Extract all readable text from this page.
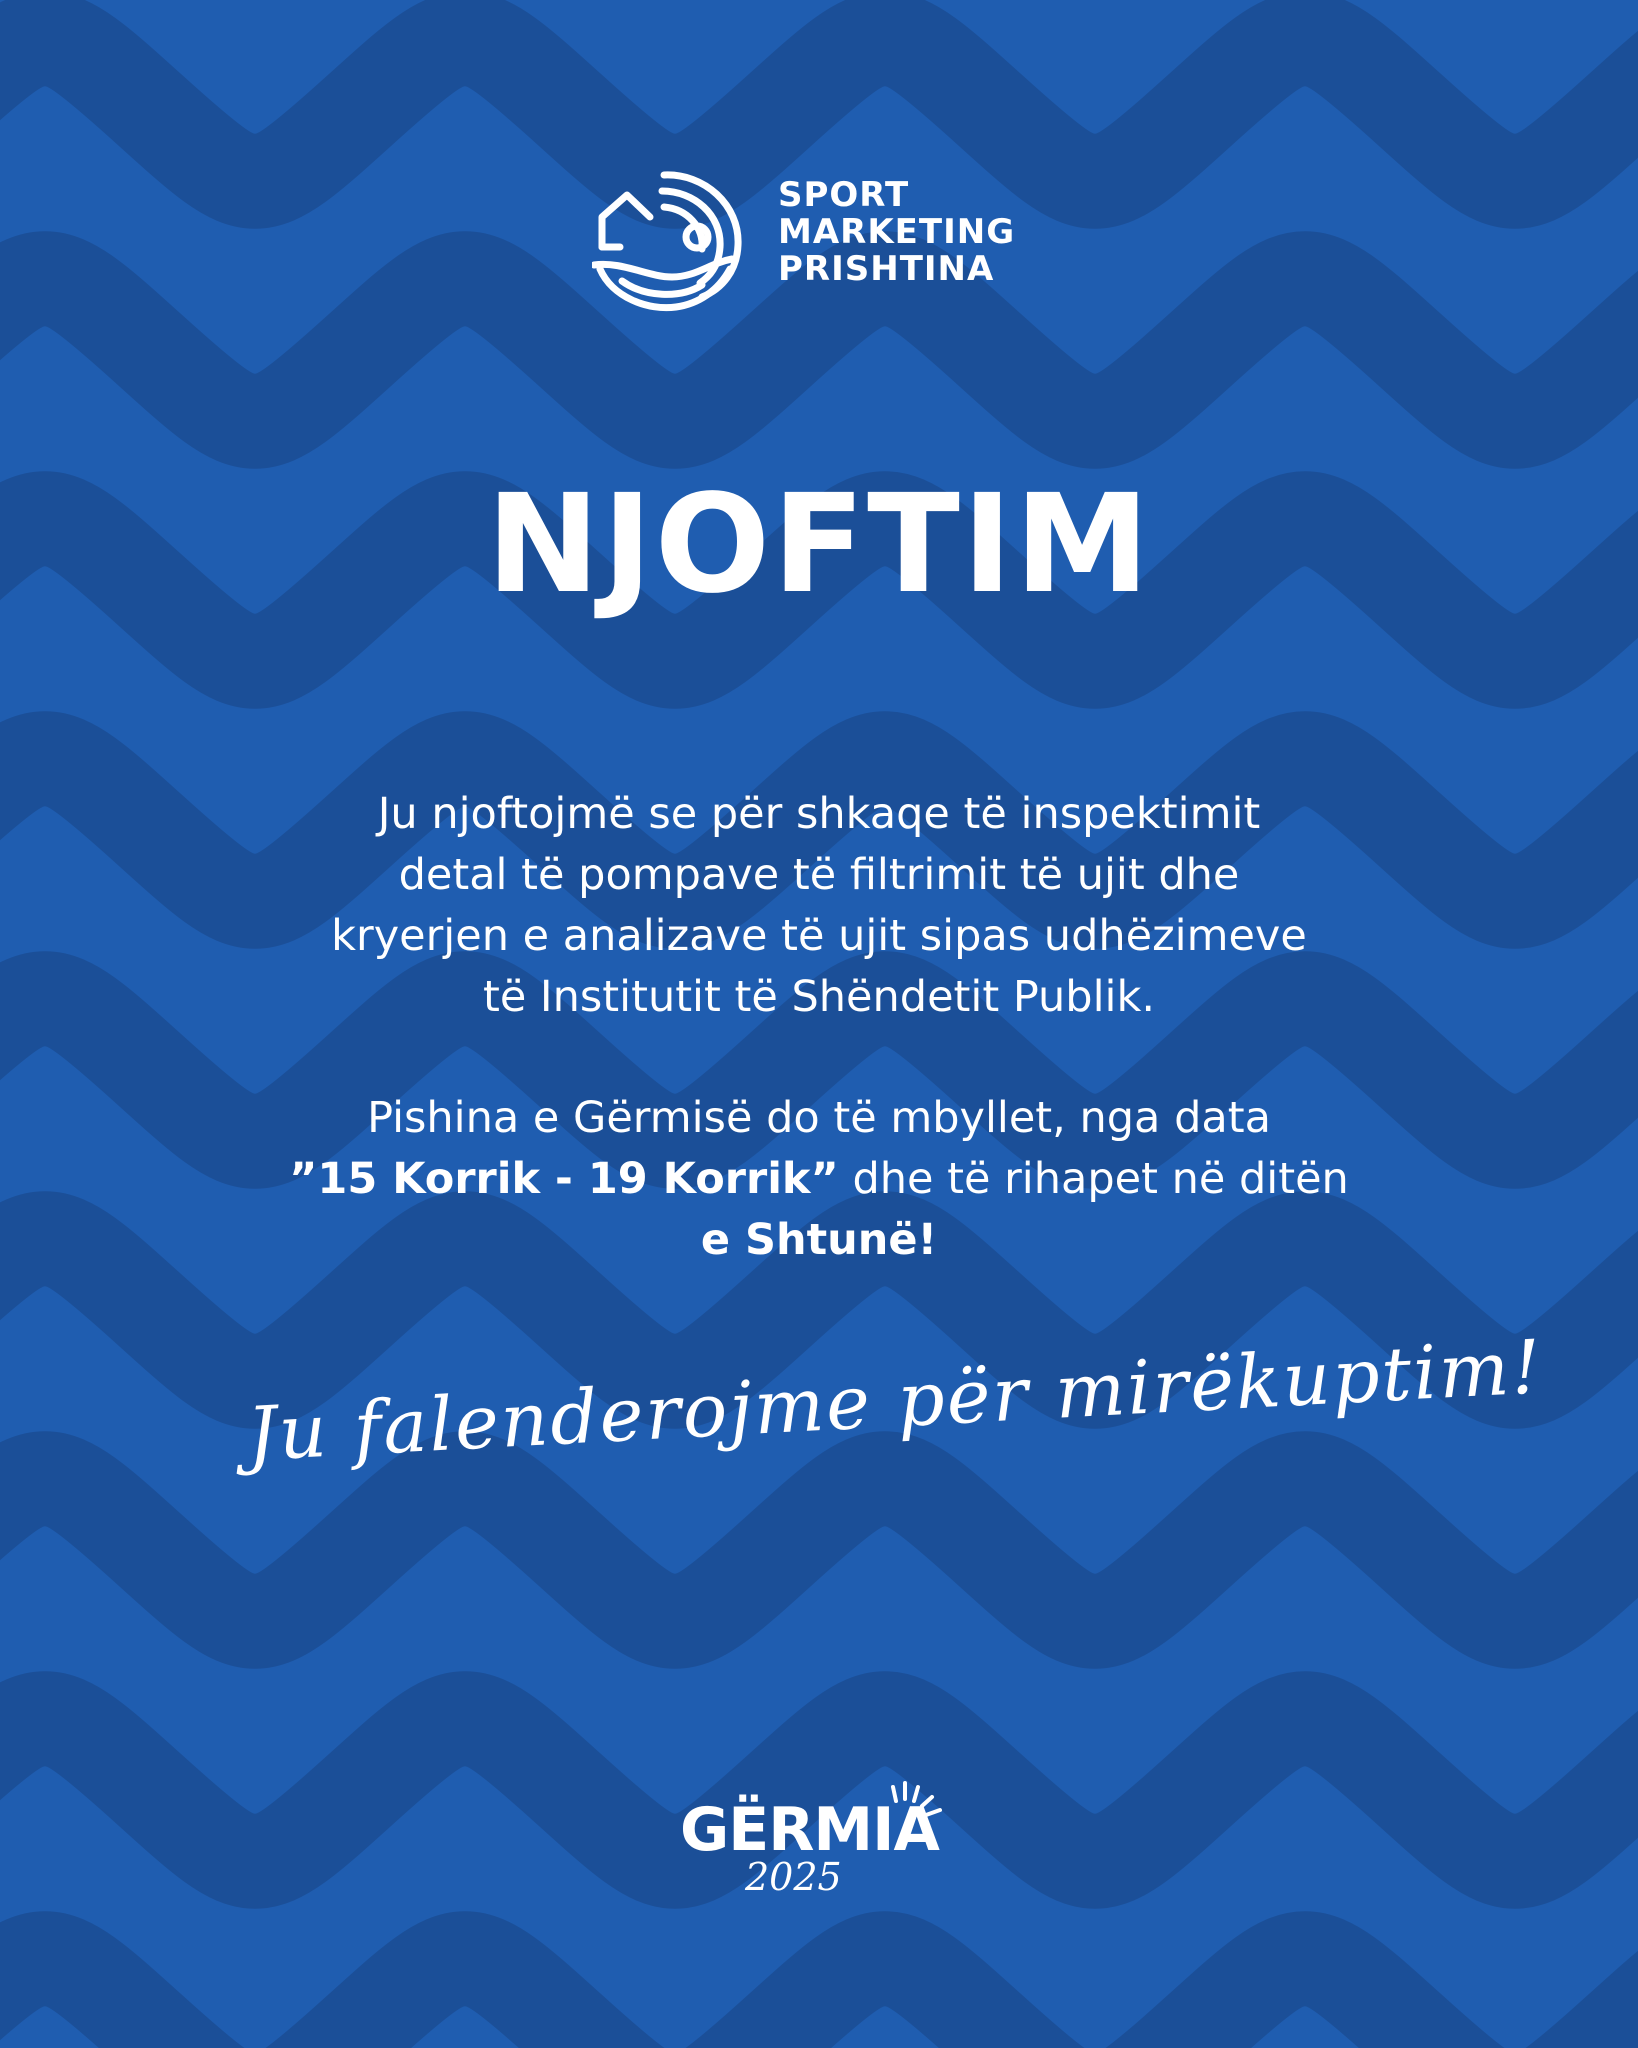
SPORT
MARKETING
PRISHTINA
NJOFTIM
Ju njoftojmë se për shkaqe të inspektimit
detal të pompave të filtrimit të ujit dhe
kryerjen e analizave të ujit sipas udhëzimeve
të Institutit të Shëndetit Publik.
Pishina e Gërmisë do të mbyllet, nga data
”15 Korrik - 19 Korrik” dhe të rihapet në ditën
e Shtunë!
Ju falenderojme për mirëkuptim!
GËRMIA
2025
